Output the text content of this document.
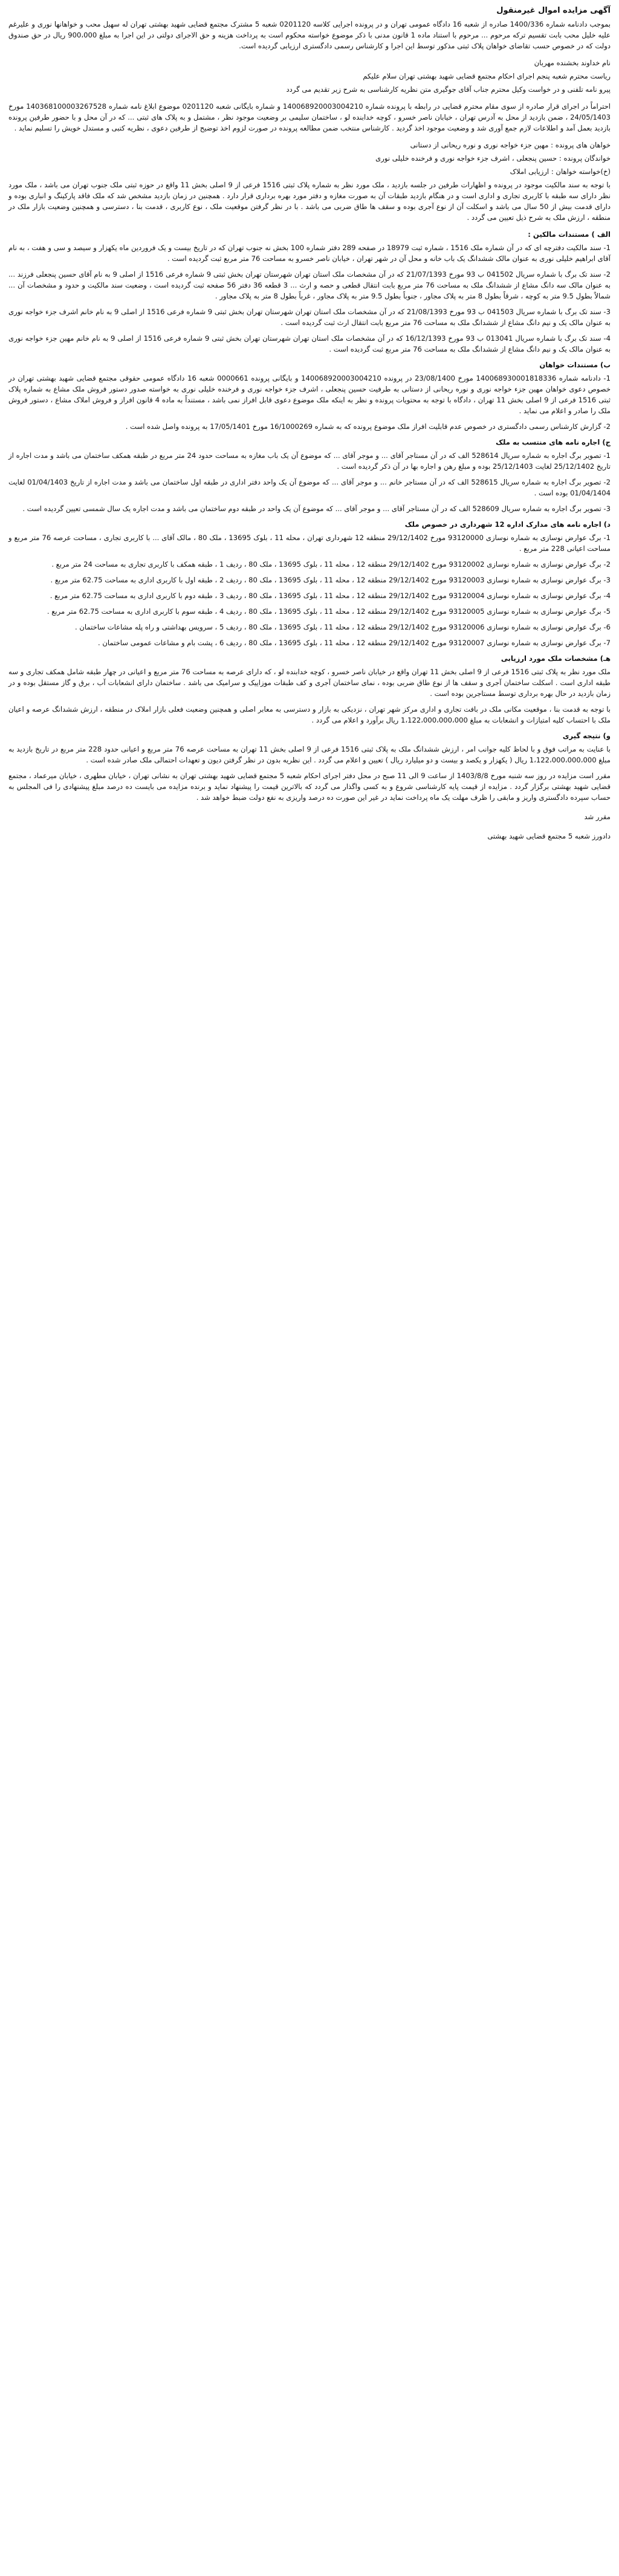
آگهی مزایده اموال غیرمنقول
بموجب دادنامه شماره 1400/336 صادره از شعبه 16 دادگاه عمومی تهران و در پرونده اجرایی کلاسه 0201120 شعبه 5 مشترک مجتمع قضایی شهید بهشتی تهران له سهیل محب و خواهانها نوری و علیرغم علیه خلیل محب بابت تقسیم ترکه مرحوم ... مرحوم با استناد ماده 1 قانون مدنی با ذکر موضوع خواسته محکوم است به پرداخت هزینه و حق الاجرای دولتی در این اجرا به مبلغ 900،000 ریال در حق صندوق دولت که در خصوص حسب تقاضای خواهان پلاک ثبتی مذکور توسط این اجرا و کارشناس رسمی دادگستری ارزیابی گردیده است.
نام خداوند بخشنده مهربان
ریاست محترم شعبه پنجم اجرای احکام مجتمع قضایی شهید بهشتی تهران سلام علیکم
پیرو نامه تلفنی و در خواست وکیل محترم جناب آقای جوگیری متن نظریه کارشناسی به شرح زیر تقدیم می گردد
احتراماً در اجرای قرار صادره از سوی مقام محترم قضایی در رابطه با پرونده شماره 140068920003004210 و شماره بایگانی شعبه 0201120 موضوع ابلاغ نامه شماره 140368100003267528 مورخ 24/05/1403 ، ضمن بازدید از محل به آدرس تهران ، خیابان ناصر خسرو ، کوچه خدابنده لو ، ساختمان سلیمی بر وضعیت موجود نظر ، مشتمل و به پلاک های ثبتی ... که در آن محل و با حضور طرفین پرونده بازدید بعمل آمد و اطلاعات لازم جمع آوری شد و وضعیت موجود اخذ گردید . کارشناس منتخب ضمن مطالعه پرونده در صورت لزوم اخذ توضیح از طرفین دعوی ، نظریه کتبی و مستدل خویش را تسلیم نماید .
خواهان های پرونده : مهین جزء خواجه نوری و نوره ریحانی از دستانی
خواندگان پرونده : حسین پنجعلی ، اشرف جزء خواجه نوری و فرخنده خلیلی نوری
(خ)خواسته خواهان : ارزیابی املاک
با توجه به سند مالکیت موجود در پرونده و اظهارات طرفین در جلسه بازدید ، ملک مورد نظر به شماره پلاک ثبتی 1516 فرعی از 9 اصلی بخش 11 واقع در حوزه ثبتی ملک جنوب تهران می باشد ، ملک مورد نظر دارای سه طبقه با کاربری تجاری و اداری است و در هنگام بازدید طبقات آن به صورت مغازه و دفتر مورد بهره برداری قرار دارد . همچنین در زمان بازدید مشخص شد که ملک فاقد پارکینگ و انباری بوده و دارای قدمت بیش از 50 سال می باشد و اسکلت آن از نوع آجری بوده و سقف ها طاق ضربی می باشد . با در نظر گرفتن موقعیت ملک ، نوع کاربری ، قدمت بنا ، دسترسی و همچنین وضعیت بازار ملک در منطقه ، ارزش ملک به شرح ذیل تعیین می گردد .
الف ) مستندات مالکین :
1- سند مالکیت دفترچه ای که در آن شماره ملک 1516 ، شماره ثبت 18979 در صفحه 289 دفتر شماره 100 بخش نه جنوب تهران که در تاریخ بیست و یک فروردین ماه یکهزار و سیصد و سی و هفت ، به نام آقای ابراهیم خلیلی نوری به عنوان مالک ششدانگ یک باب خانه و محل آن در شهر تهران ، خیابان ناصر خسرو به مساحت 76 متر مربع ثبت گردیده است .
2- سند تک برگ با شماره سریال 041502 ب 93 مورخ 21/07/1393 که در آن مشخصات ملک استان تهران شهرستان تهران بخش ثبتی 9 شماره فرعی 1516 از اصلی 9 به نام آقای حسین پنجعلی فرزند ... به عنوان مالک سه دانگ مشاع از ششدانگ ملک به مساحت 76 متر مربع بابت انتقال قطعی و حصه و ارث ... 3 قطعه 36 دفتر 56 صفحه ثبت گردیده است ، وضعیت سند مالکیت و حدود و مشخصات آن ... شمالاً بطول 9.5 متر به کوچه ، شرقاً بطول 8 متر به پلاک مجاور ، جنوباً بطول 9.5 متر به پلاک مجاور ، غرباً بطول 8 متر به پلاک مجاور .
3- سند تک برگ با شماره سریال 041503 ب 93 مورخ 21/08/1393 که در آن مشخصات ملک استان تهران شهرستان تهران بخش ثبتی 9 شماره فرعی 1516 از اصلی 9 به نام خانم اشرف جزء خواجه نوری به عنوان مالک یک و نیم دانگ مشاع از ششدانگ ملک به مساحت 76 متر مربع بابت انتقال ارث ثبت گردیده است .
4- سند تک برگ با شماره سریال 013041 ب 93 مورخ 16/12/1393 که در آن مشخصات ملک استان تهران شهرستان تهران بخش ثبتی 9 شماره فرعی 1516 از اصلی 9 به نام خانم مهین جزء خواجه نوری به عنوان مالک یک و نیم دانگ مشاع از ششدانگ ملک به مساحت 76 متر مربع ثبت گردیده است .
ب) مستندات خواهان
1- دادنامه شماره 140068930001818336 مورخ 23/08/1400 در پرونده 140068920003004210 و بایگانی پرونده 0000661 شعبه 16 دادگاه عمومی حقوقی مجتمع قضایی شهید بهشتی تهران در خصوص دعوی خواهان مهین جزء خواجه نوری و نوره ریحانی از دستانی به طرفیت حسین پنجعلی ، اشرف جزء خواجه نوری و فرخنده خلیلی نوری به خواسته صدور دستور فروش ملک مشاع به شماره پلاک ثبتی 1516 فرعی از 9 اصلی بخش 11 تهران ، دادگاه با توجه به محتویات پرونده و نظر به اینکه ملک موضوع دعوی قابل افراز نمی باشد ، مستنداً به ماده 4 قانون افراز و فروش املاک مشاع ، دستور فروش ملک را صادر و اعلام می نماید .
2- گزارش کارشناس رسمی دادگستری در خصوص عدم قابلیت افراز ملک موضوع پرونده که به شماره 16/1000269 مورخ 17/05/1401 به پرونده واصل شده است .
ج) اجاره نامه های منتسب به ملک
1- تصویر برگ اجاره به شماره سریال 528614 الف که در آن مستاجر آقای ... و موجر آقای ... که موضوع آن یک باب مغازه به مساحت حدود 24 متر مربع در طبقه همکف ساختمان می باشد و مدت اجاره از تاریخ 25/12/1402 لغایت 25/12/1403 بوده و مبلغ رهن و اجاره بها در آن ذکر گردیده است .
2- تصویر برگ اجاره به شماره سریال 528615 الف که در آن مستاجر خانم ... و موجر آقای ... که موضوع آن یک واحد دفتر اداری در طبقه اول ساختمان می باشد و مدت اجاره از تاریخ 01/04/1403 لغایت 01/04/1404 بوده است .
3- تصویر برگ اجاره به شماره سریال 528609 الف که در آن مستاجر آقای ... و موجر آقای ... که موضوع آن یک واحد در طبقه دوم ساختمان می باشد و مدت اجاره یک سال شمسی تعیین گردیده است .
د) اجاره نامه های مدارک اداره 12 شهرداری در خصوص ملک
1- برگ عوارض نوسازی به شماره نوسازی 93120000 مورخ 29/12/1402 منطقه 12 شهرداری تهران ، محله 11 ، بلوک 13695 ، ملک 80 ، مالک آقای ... با کاربری تجاری ، مساحت عرصه 76 متر مربع و مساحت اعیانی 228 متر مربع .
2- برگ عوارض نوسازی به شماره نوسازی 93120002 مورخ 29/12/1402 منطقه 12 ، محله 11 ، بلوک 13695 ، ملک 80 ، ردیف 1 ، طبقه همکف با کاربری تجاری به مساحت 24 متر مربع .
3- برگ عوارض نوسازی به شماره نوسازی 93120003 مورخ 29/12/1402 منطقه 12 ، محله 11 ، بلوک 13695 ، ملک 80 ، ردیف 2 ، طبقه اول با کاربری اداری به مساحت 62.75 متر مربع .
4- برگ عوارض نوسازی به شماره نوسازی 93120004 مورخ 29/12/1402 منطقه 12 ، محله 11 ، بلوک 13695 ، ملک 80 ، ردیف 3 ، طبقه دوم با کاربری اداری به مساحت 62.75 متر مربع .
5- برگ عوارض نوسازی به شماره نوسازی 93120005 مورخ 29/12/1402 منطقه 12 ، محله 11 ، بلوک 13695 ، ملک 80 ، ردیف 4 ، طبقه سوم با کاربری اداری به مساحت 62.75 متر مربع .
6- برگ عوارض نوسازی به شماره نوسازی 93120006 مورخ 29/12/1402 منطقه 12 ، محله 11 ، بلوک 13695 ، ملک 80 ، ردیف 5 ، سرویس بهداشتی و راه پله مشاعات ساختمان .
7- برگ عوارض نوسازی به شماره نوسازی 93120007 مورخ 29/12/1402 منطقه 12 ، محله 11 ، بلوک 13695 ، ملک 80 ، ردیف 6 ، پشت بام و مشاعات عمومی ساختمان .
هـ) مشخصات ملک مورد ارزیابی
ملک مورد نظر به پلاک ثبتی 1516 فرعی از 9 اصلی بخش 11 تهران واقع در خیابان ناصر خسرو ، کوچه خدابنده لو ، که دارای عرصه به مساحت 76 متر مربع و اعیانی در چهار طبقه شامل همکف تجاری و سه طبقه اداری است . اسکلت ساختمان آجری و سقف ها از نوع طاق ضربی بوده ، نمای ساختمان آجری و کف طبقات موزاییک و سرامیک می باشد . ساختمان دارای انشعابات آب ، برق و گاز مستقل بوده و در زمان بازدید در حال بهره برداری توسط مستاجرین بوده است .
با توجه به قدمت بنا ، موقعیت مکانی ملک در بافت تجاری و اداری مرکز شهر تهران ، نزدیکی به بازار و دسترسی به معابر اصلی و همچنین وضعیت فعلی بازار املاک در منطقه ، ارزش ششدانگ عرصه و اعیان ملک با احتساب کلیه امتیازات و انشعابات به مبلغ 1،122،000،000،000 ریال برآورد و اعلام می گردد .
و) نتیجه گیری
با عنایت به مراتب فوق و با لحاظ کلیه جوانب امر ، ارزش ششدانگ ملک به پلاک ثبتی 1516 فرعی از 9 اصلی بخش 11 تهران به مساحت عرصه 76 متر مربع و اعیانی حدود 228 متر مربع در تاریخ بازدید به مبلغ 1،122،000،000،000 ریال ( یکهزار و یکصد و بیست و دو میلیارد ریال ) تعیین و اعلام می گردد . این نظریه بدون در نظر گرفتن دیون و تعهدات احتمالی ملک صادر شده است .
مقرر است مزایده در روز سه شنبه مورخ 1403/8/8 از ساعت 9 الی 11 صبح در محل دفتر اجرای احکام شعبه 5 مجتمع قضایی شهید بهشتی تهران به نشانی تهران ، خیابان مطهری ، خیابان میرعماد ، مجتمع قضایی شهید بهشتی برگزار گردد . مزایده از قیمت پایه کارشناسی شروع و به کسی واگذار می گردد که بالاترین قیمت را پیشنهاد نماید و برنده مزایده می بایست ده درصد مبلغ پیشنهادی را فی المجلس به حساب سپرده دادگستری واریز و مابقی را ظرف مهلت یک ماه پرداخت نماید در غیر این صورت ده درصد واریزی به نفع دولت ضبط خواهد شد .
مقرر شد
دادورز شعبه 5 مجتمع قضایی شهید بهشتی
